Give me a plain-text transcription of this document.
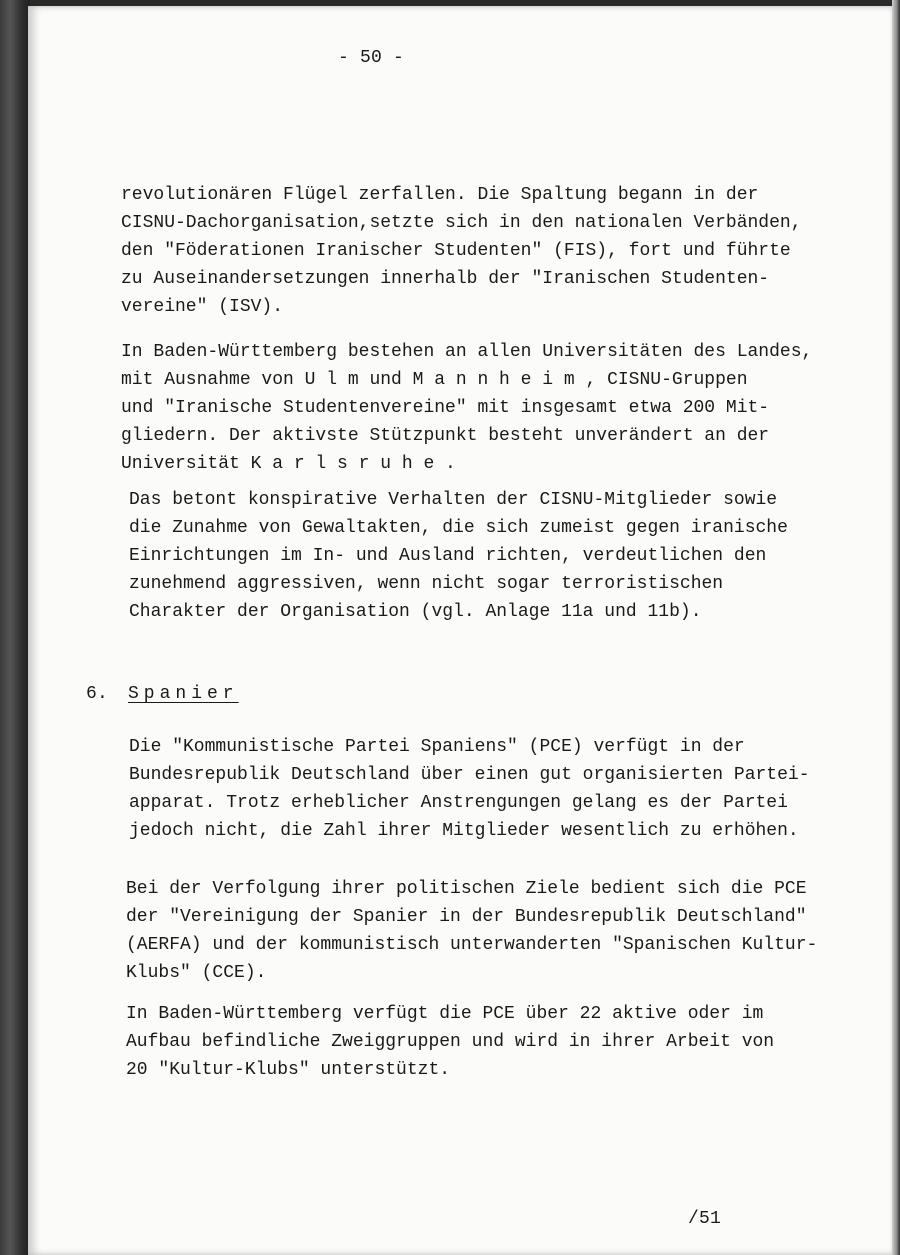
- 50 -
revolutionären Flügel zerfallen. Die Spaltung begann in der
CISNU-Dachorganisation,setzte sich in den nationalen Verbänden,
den "Föderationen Iranischer Studenten" (FIS), fort und führte
zu Auseinandersetzungen innerhalb der "Iranischen Studenten-
vereine" (ISV).
In Baden-Württemberg bestehen an allen Universitäten des Landes,
mit Ausnahme von U l m und M a n n h e i m , CISNU-Gruppen
und "Iranische Studentenvereine" mit insgesamt etwa 200 Mit-
gliedern. Der aktivste Stützpunkt besteht unverändert an der
Universität K a r l s r u h e .
Das betont konspirative Verhalten der CISNU-Mitglieder sowie
die Zunahme von Gewaltakten, die sich zumeist gegen iranische
Einrichtungen im In- und Ausland richten, verdeutlichen den
zunehmend aggressiven, wenn nicht sogar terroristischen
Charakter der Organisation (vgl. Anlage 11a und 11b).
6. Spanier
Die "Kommunistische Partei Spaniens" (PCE) verfügt in der
Bundesrepublik Deutschland über einen gut organisierten Partei-
apparat. Trotz erheblicher Anstrengungen gelang es der Partei
jedoch nicht, die Zahl ihrer Mitglieder wesentlich zu erhöhen.
Bei der Verfolgung ihrer politischen Ziele bedient sich die PCE
der "Vereinigung der Spanier in der Bundesrepublik Deutschland"
(AERFA) und der kommunistisch unterwanderten "Spanischen Kultur-
Klubs" (CCE).
In Baden-Württemberg verfügt die PCE über 22 aktive oder im
Aufbau befindliche Zweiggruppen und wird in ihrer Arbeit von
20 "Kultur-Klubs" unterstützt.
/51
